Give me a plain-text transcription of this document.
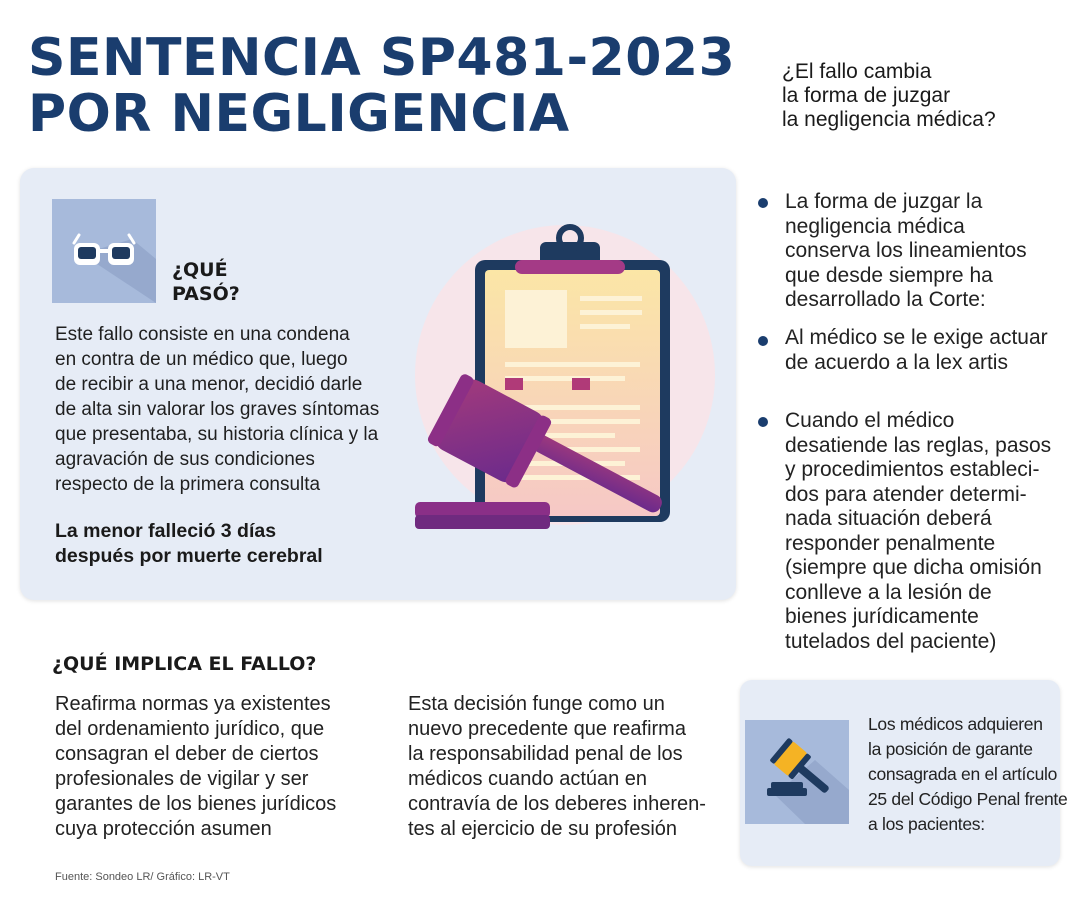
SENTENCIA SP481-2023
POR NEGLIGENCIA
¿El fallo cambia
la forma de juzgar
la negligencia médica?
¿QUÉ
PASÓ?
Este fallo consiste en una condena
en contra de un médico que, luego
de recibir a una menor, decidió darle
de alta sin valorar los graves síntomas
que presentaba, su historia clínica y la
agravación de sus condiciones
respecto de la primera consulta
La menor falleció 3 días
después por muerte cerebral
La forma de juzgar la
negligencia médica
conserva los lineamientos
que desde siempre ha
desarrollado la Corte:
Al médico se le exige actuar
de acuerdo a la lex artis
Cuando el médico
desatiende las reglas, pasos
y procedimientos estableci-
dos para atender determi-
nada situación deberá
responder penalmente
(siempre que dicha omisión
conlleve a la lesión de
bienes jurídicamente
tutelados del paciente)
¿QUÉ IMPLICA EL FALLO?
Reafirma normas ya existentes
del ordenamiento jurídico, que
consagran el deber de ciertos
profesionales de vigilar y ser
garantes de los bienes jurídicos
cuya protección asumen
Esta decisión funge como un
nuevo precedente que reafirma
la responsabilidad penal de los
médicos cuando actúan en
contravía de los deberes inheren-
tes al ejercicio de su profesión
Los médicos adquieren
la posición de garante
consagrada en el artículo
25 del Código Penal frente
a los pacientes:
Fuente: Sondeo LR/ Gráfico: LR-VT
